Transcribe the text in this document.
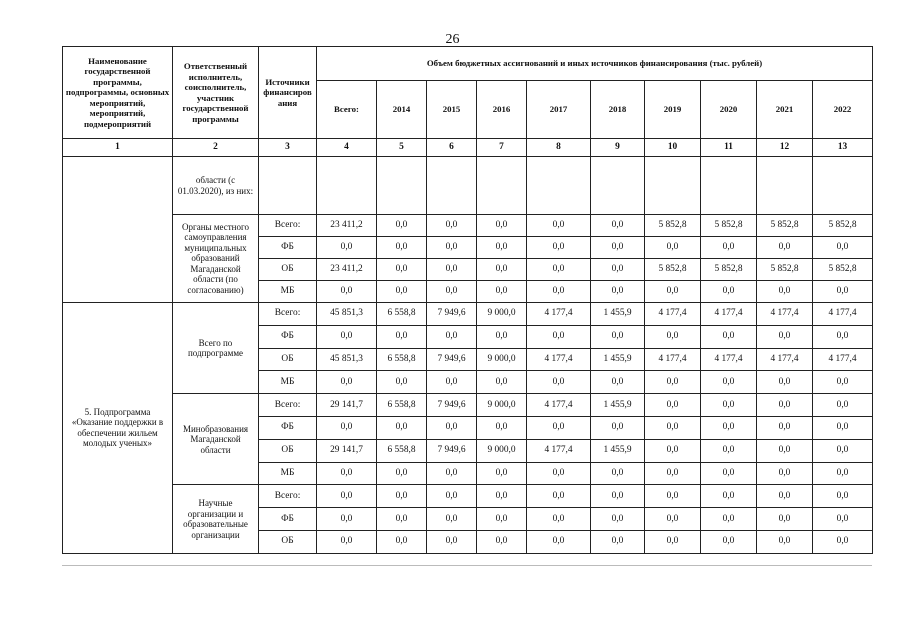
26
Наименование государственной программы, подпрограммы, основных мероприятий, мероприятий, подмероприятий	Ответственный исполнитель, соисполнитель, участник государственной программы	Источники финансиров ания	Объем бюджетных ассигнований и иных источников финансирования (тыс. рублей)									
			Всего:	2014	2015	2016	2017	2018	2019	2020	2021	2022
1	2	3	4	5	6	7	8	9	10	11	12	13
	области (с 01.03.2020), из них:											
	Органы местного самоуправления муниципальных образований Магаданской области (по согласованию)	Всего:	23 411,2	0,0	0,0	0,0	0,0	0,0	5 852,8	5 852,8	5 852,8	5 852,8
		ФБ	0,0	0,0	0,0	0,0	0,0	0,0	0,0	0,0	0,0	0,0
		ОБ	23 411,2	0,0	0,0	0,0	0,0	0,0	5 852,8	5 852,8	5 852,8	5 852,8
		МБ	0,0	0,0	0,0	0,0	0,0	0,0	0,0	0,0	0,0	0,0
5. Подпрограмма «Оказание поддержки в обеспечении жильем молодых ученых»	Всего по подпрограмме	Всего:	45 851,3	6 558,8	7 949,6	9 000,0	4 177,4	1 455,9	4 177,4	4 177,4	4 177,4	4 177,4
		ФБ	0,0	0,0	0,0	0,0	0,0	0,0	0,0	0,0	0,0	0,0
		ОБ	45 851,3	6 558,8	7 949,6	9 000,0	4 177,4	1 455,9	4 177,4	4 177,4	4 177,4	4 177,4
		МБ	0,0	0,0	0,0	0,0	0,0	0,0	0,0	0,0	0,0	0,0
	Минобразования Магаданской области	Всего:	29 141,7	6 558,8	7 949,6	9 000,0	4 177,4	1 455,9	0,0	0,0	0,0	0,0
		ФБ	0,0	0,0	0,0	0,0	0,0	0,0	0,0	0,0	0,0	0,0
		ОБ	29 141,7	6 558,8	7 949,6	9 000,0	4 177,4	1 455,9	0,0	0,0	0,0	0,0
		МБ	0,0	0,0	0,0	0,0	0,0	0,0	0,0	0,0	0,0	0,0
	Научные организации и образовательные организации	Всего:	0,0	0,0	0,0	0,0	0,0	0,0	0,0	0,0	0,0	0,0
		ФБ	0,0	0,0	0,0	0,0	0,0	0,0	0,0	0,0	0,0	0,0
		ОБ	0,0	0,0	0,0	0,0	0,0	0,0	0,0	0,0	0,0	0,0
